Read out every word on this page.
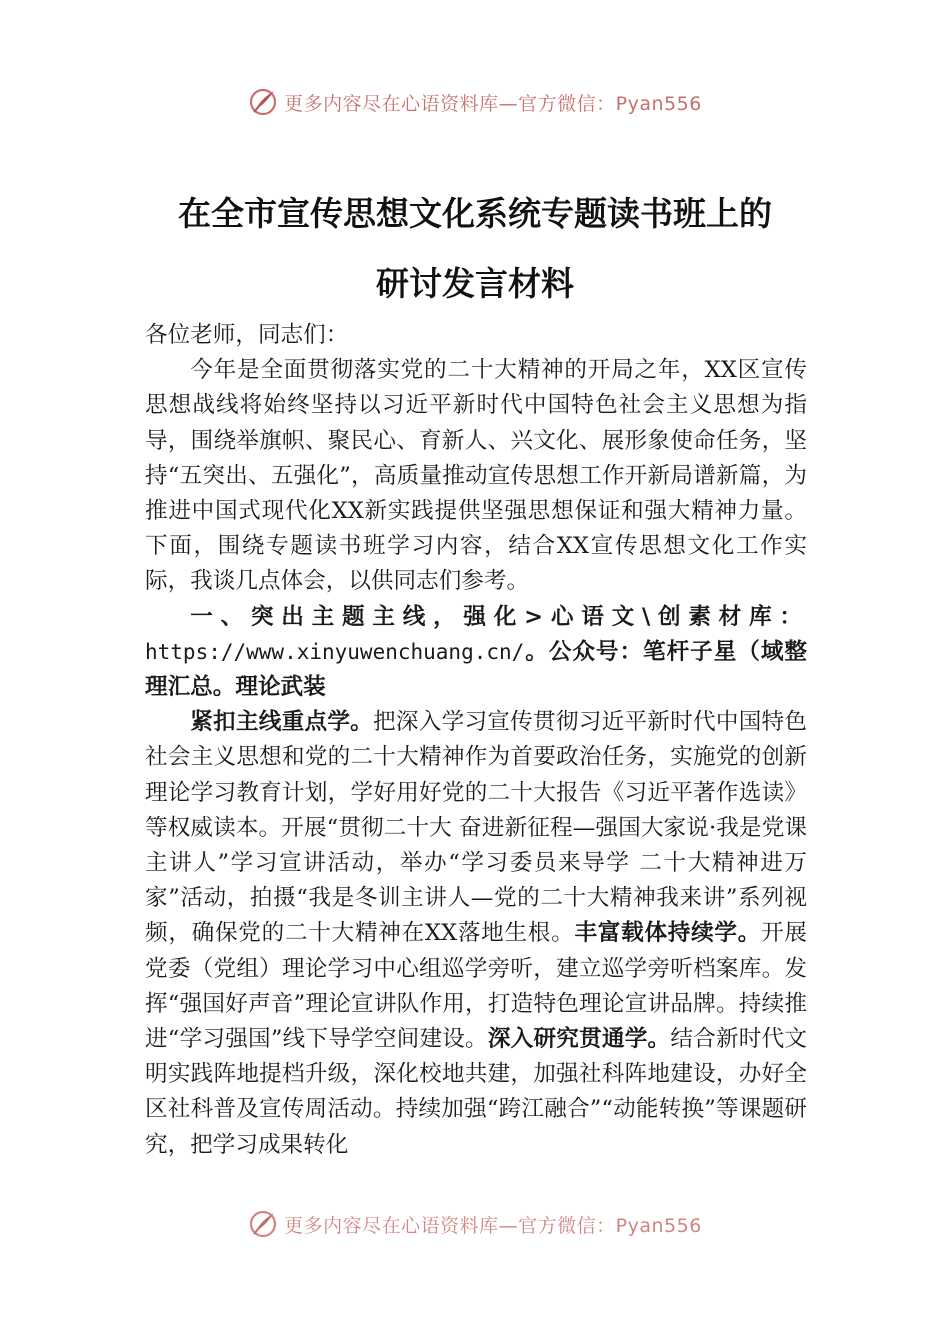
更多内容尽在心语资料库—官方微信：Pyan556
在全市宣传思想文化系统专题读书班上的
研讨发言材料

各位老师，同志们：

今年是全面贯彻落实党的二十大精神的开局之年，XX区宣传思想战线将始终坚持以习近平新时代中国特色社会主义思想为指导，围绕举旗帜、聚民心、育新人、兴文化、展形象使命任务，坚持“五突出、五强化”，高质量推动宣传思想工作开新局谱新篇，为推进中国式现代化XX新实践提供坚强思想保证和强大精神力量。下面，围绕专题读书班学习内容，结合XX宣传思想文化工作实际，我谈几点体会，以供同志们参考。

一、突出主题主线，强化>心语文\创素材库：https://www.xinyuwenchuang.cn/。公众号：笔杆子星（域整理汇总。理论武装

紧扣主线重点学。把深入学习宣传贯彻习近平新时代中国特色社会主义思想和党的二十大精神作为首要政治任务，实施党的创新理论学习教育计划，学好用好党的二十大报告《习近平著作选读》等权威读本。开展“贯彻二十大 奋进新征程—强国大家说·我是党课主讲人”学习宣讲活动，举办“学习委员来导学 二十大精神进万家”活动，拍摄“我是冬训主讲人—党的二十大精神我来讲”系列视频，确保党的二十大精神在XX落地生根。丰富载体持续学。开展党委（党组）理论学习中心组巡学旁听，建立巡学旁听档案库。发挥“强国好声音”理论宣讲队作用，打造特色理论宣讲品牌。持续推进“学习强国”线下导学空间建设。深入研究贯通学。结合新时代文明实践阵地提档升级，深化校地共建，加强社科阵地建设，办好全区社科普及宣传周活动。持续加强“跨江融合”“动能转换”等课题研究，把学习成果转化

更多内容尽在心语资料库—官方微信：Pyan556
